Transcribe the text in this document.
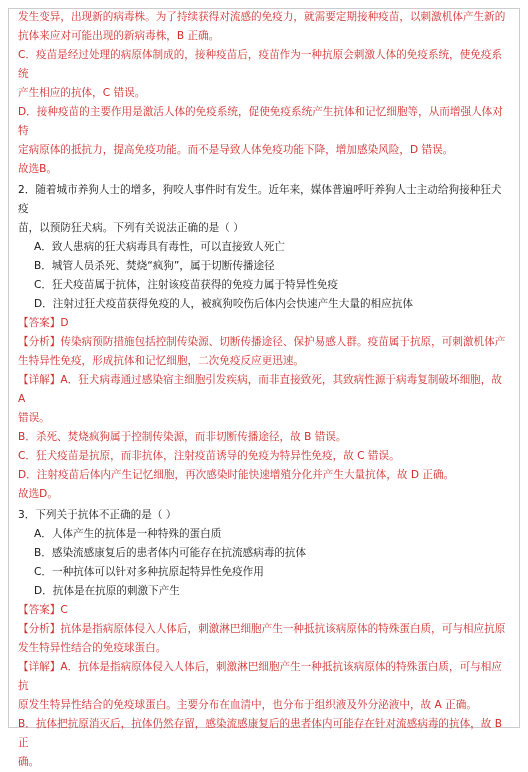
发生变异，出现新的病毒株。为了持续获得对流感的免疫力，就需要定期接种疫苗，以刺激机体产生新的

抗体来应对可能出现的新病毒株，B 正确。

C．疫苗是经过处理的病原体制成的，接种疫苗后，疫苗作为一种抗原会刺激人体的免疫系统，使免疫系统

产生相应的抗体，C 错误。

D．接种疫苗的主要作用是激活人体的免疫系统，促使免疫系统产生抗体和记忆细胞等，从而增强人体对特

定病原体的抵抗力，提高免疫功能。而不是导致人体免疫功能下降，增加感染风险，D 错误。

故选B。

2．随着城市养狗人士的增多，狗咬人事件时有发生。近年来，媒体普遍呼吁养狗人士主动给狗接种狂犬疫

苗，以预防狂犬病。下列有关说法正确的是（ ）

A．致人患病的狂犬病毒具有毒性，可以直接致人死亡

B．城管人员杀死、焚烧“疯狗”，属于切断传播途径

C．狂犬疫苗属于抗体，注射该疫苗获得的免疫力属于特异性免疫

D．注射过狂犬疫苗获得免疫的人，被疯狗咬伤后体内会快速产生大量的相应抗体

【答案】D

【分析】传染病预防措施包括控制传染源、切断传播途径、保护易感人群。疫苗属于抗原，可刺激机体产

生特异性免疫，形成抗体和记忆细胞，二次免疫反应更迅速。

【详解】A．狂犬病毒通过感染宿主细胞引发疾病，而非直接致死，其致病性源于病毒复制破坏细胞，故 A

错误。

B．杀死、焚烧疯狗属于控制传染源，而非切断传播途径，故 B 错误。

C．狂犬疫苗是抗原，而非抗体，注射疫苗诱导的免疫为特异性免疫，故 C 错误。

D．注射疫苗后体内产生记忆细胞，再次感染时能快速增殖分化并产生大量抗体，故 D 正确。

故选D。

3．下列关于抗体不正确的是（ ）

A．人体产生的抗体是一种特殊的蛋白质

B．感染流感康复后的患者体内可能存在抗流感病毒的抗体

C．一种抗体可以针对多种抗原起特异性免疫作用

D．抗体是在抗原的刺激下产生

【答案】C

【分析】抗体是指病原体侵入人体后，刺激淋巴细胞产生一种抵抗该病原体的特殊蛋白质，可与相应抗原

发生特异性结合的免疫球蛋白。

【详解】A．抗体是指病原体侵入人体后，刺激淋巴细胞产生一种抵抗该病原体的特殊蛋白质，可与相应抗

原发生特异性结合的免疫球蛋白。主要分布在血清中，也分布于组织液及外分泌液中，故 A 正确。

B．抗体把抗原消灭后，抗体仍然存留，感染流感康复后的患者体内可能存在针对流感病毒的抗体，故 B 正

确。
